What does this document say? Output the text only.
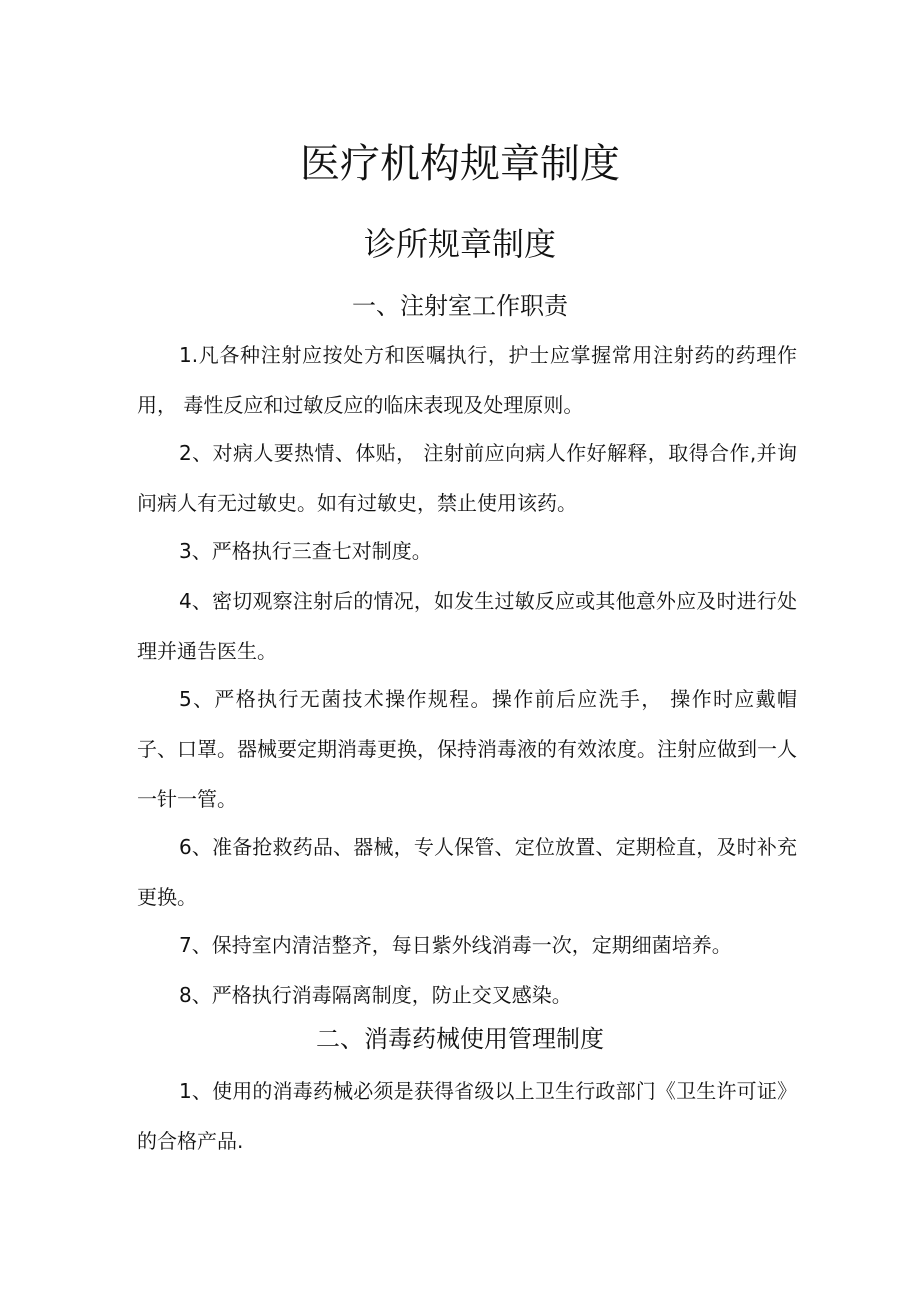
医疗机构规章制度
诊所规章制度
一、注射室工作职责

1.凡各种注射应按处方和医嘱执行，护士应掌握常用注射药的药理作用， 毒性反应和过敏反应的临床表现及处理原则。

2、对病人要热情、体贴， 注射前应向病人作好解释，取得合作,并询问病人有无过敏史。如有过敏史，禁止使用该药。

3、严格执行三查七对制度。

4、密切观察注射后的情况，如发生过敏反应或其他意外应及时进行处理并通告医生。

5、严格执行无菌技术操作规程。操作前后应洗手， 操作时应戴帽子、口罩。器械要定期消毒更换，保持消毒液的有效浓度。注射应做到一人一针一管。

6、准备抢救药品、器械，专人保管、定位放置、定期检直，及时补充更换。

7、保持室内清洁整齐，每日紫外线消毒一次，定期细菌培养。

8、严格执行消毒隔离制度，防止交叉感染。

二、消毒药械使用管理制度

1、使用的消毒药械必须是获得省级以上卫生行政部门《卫生许可证》的合格产品.
